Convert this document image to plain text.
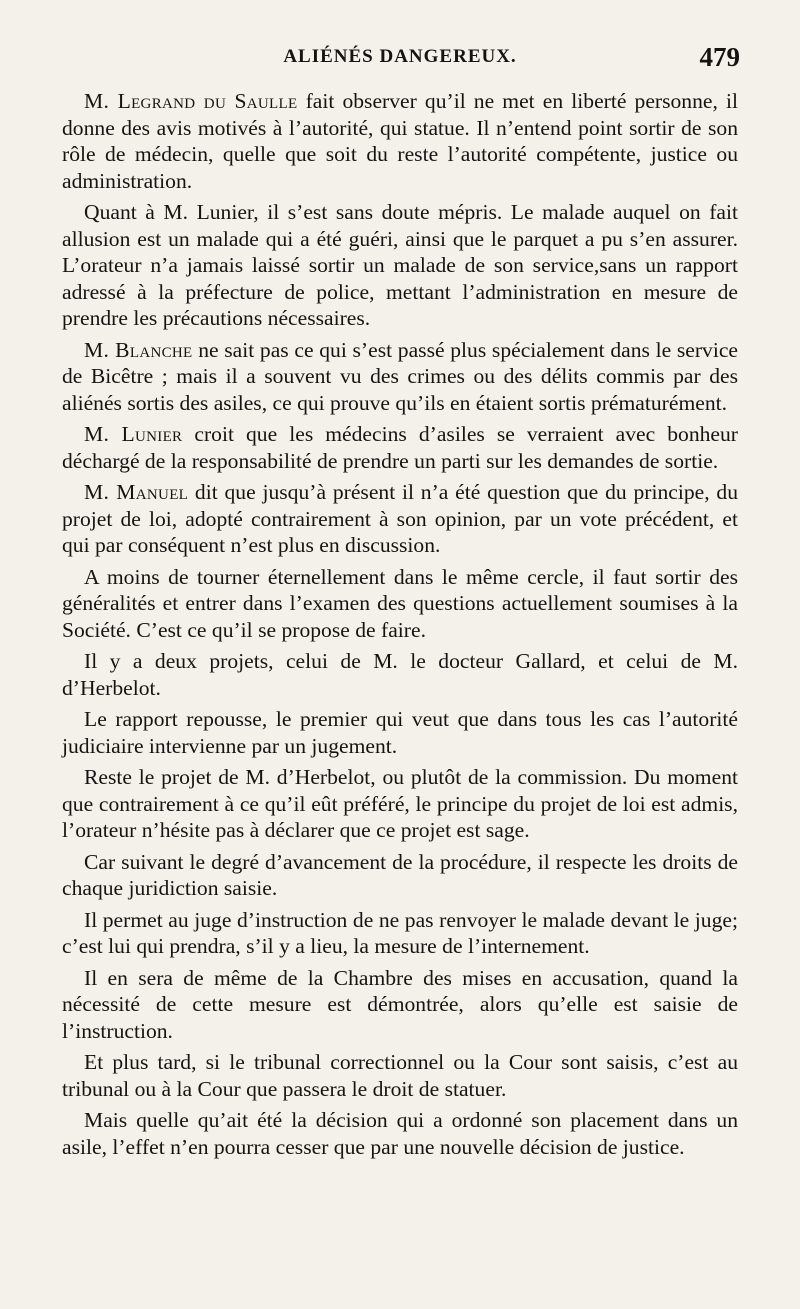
ALIÉNÉS DANGEREUX.	479

M. Legrand du Saulle fait observer qu’il ne met en liberté personne, il donne des avis motivés à l’autorité, qui statue. Il n’entend point sortir de son rôle de médecin, quelle que soit du reste l’autorité compétente, justice ou administration.

Quant à M. Lunier, il s’est sans doute mépris. Le malade auquel on fait allusion est un malade qui a été guéri, ainsi que le parquet a pu s’en assurer. L’orateur n’a jamais laissé sortir un malade de son service,sans un rapport adressé à la préfecture de police, mettant l’administration en mesure de prendre les précautions nécessaires.

M. Blanche ne sait pas ce qui s’est passé plus spécialement dans le service de Bicêtre ; mais il a souvent vu des crimes ou des délits commis par des aliénés sortis des asiles, ce qui prouve qu’ils en étaient sortis prématurément.

M. Lunier croit que les médecins d’asiles se verraient avec bonheur déchargé de la responsabilité de prendre un parti sur les demandes de sortie.

M. Manuel dit que jusqu’à présent il n’a été question que du principe, du projet de loi, adopté contrairement à son opinion, par un vote précédent, et qui par conséquent n’est plus en discussion.

A moins de tourner éternellement dans le même cercle, il faut sortir des généralités et entrer dans l’examen des questions actuellement soumises à la Société. C’est ce qu’il se propose de faire.

Il y a deux projets, celui de M. le docteur Gallard, et celui de M. d’Herbelot.

Le rapport repousse, le premier qui veut que dans tous les cas l’autorité judiciaire intervienne par un jugement.

Reste le projet de M. d’Herbelot, ou plutôt de la commission. Du moment que contrairement à ce qu’il eût préféré, le principe du projet de loi est admis, l’orateur n’hésite pas à déclarer que ce projet est sage.

Car suivant le degré d’avancement de la procédure, il respecte les droits de chaque juridiction saisie.

Il permet au juge d’instruction de ne pas renvoyer le malade devant le juge; c’est lui qui prendra, s’il y a lieu, la mesure de l’internement.

Il en sera de même de la Chambre des mises en accusation, quand la nécessité de cette mesure est démontrée, alors qu’elle est saisie de l’instruction.

Et plus tard, si le tribunal correctionnel ou la Cour sont saisis, c’est au tribunal ou à la Cour que passera le droit de statuer.

Mais quelle qu’ait été la décision qui a ordonné son placement dans un asile, l’effet n’en pourra cesser que par une nouvelle décision de justice.
